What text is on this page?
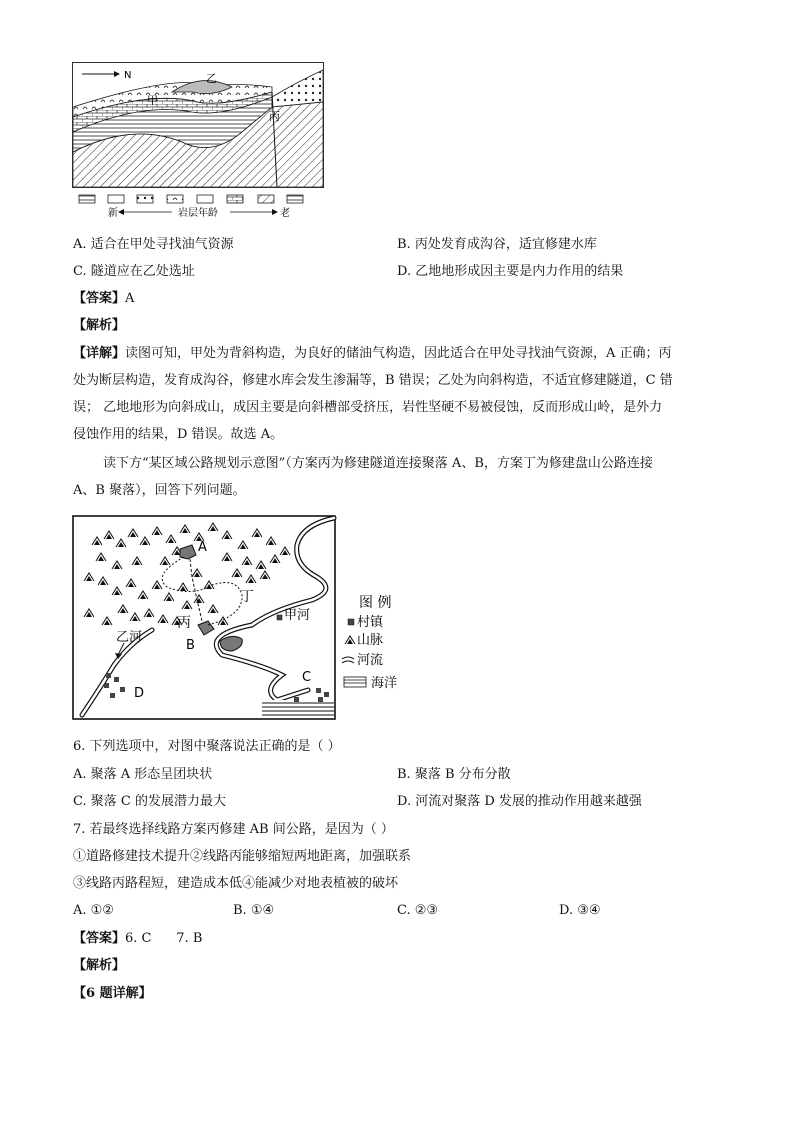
N
甲
乙
丙
新	岩层年龄	老
A. 适合在甲处寻找油气资源	B. 丙处发育成沟谷，适宜修建水库
C. 隧道应在乙处选址	D. 乙地地形成因主要是内力作用的结果
【答案】A
【解析】
【详解】读图可知，甲处为背斜构造，为良好的储油气构造，因此适合在甲处寻找油气资源，A 正确；丙
处为断层构造，发育成沟谷，修建水库会发生渗漏等，B 错误；乙处为向斜构造，不适宜修建隧道，C 错
误； 乙地地形为向斜成山，成因主要是向斜槽部受挤压，岩性坚硬不易被侵蚀，反而形成山岭，是外力
侵蚀作用的结果，D 错误。故选 A。
读下方“某区域公路规划示意图”（方案丙为修建隧道连接聚落 A、B，方案丁为修建盘山公路连接
A、B 聚落），回答下列问题。
A
B
C
D
丙
丁
甲河
乙河
图 例
村镇
山脉
河流
海洋
6. 下列选项中，对图中聚落说法正确的是（ ）
A. 聚落 A 形态呈团块状	B. 聚落 B 分布分散
C. 聚落 C 的发展潜力最大	D. 河流对聚落 D 发展的推动作用越来越强
7. 若最终选择线路方案丙修建 AB 间公路，是因为（ ）
①道路修建技术提升②线路丙能够缩短两地距离，加强联系
③线路丙路程短，建造成本低④能减少对地表植被的破坏
A. ①②	B. ①④	C. ②③	D. ③④
【答案】6. C      7. B
【解析】
【6 题详解】
